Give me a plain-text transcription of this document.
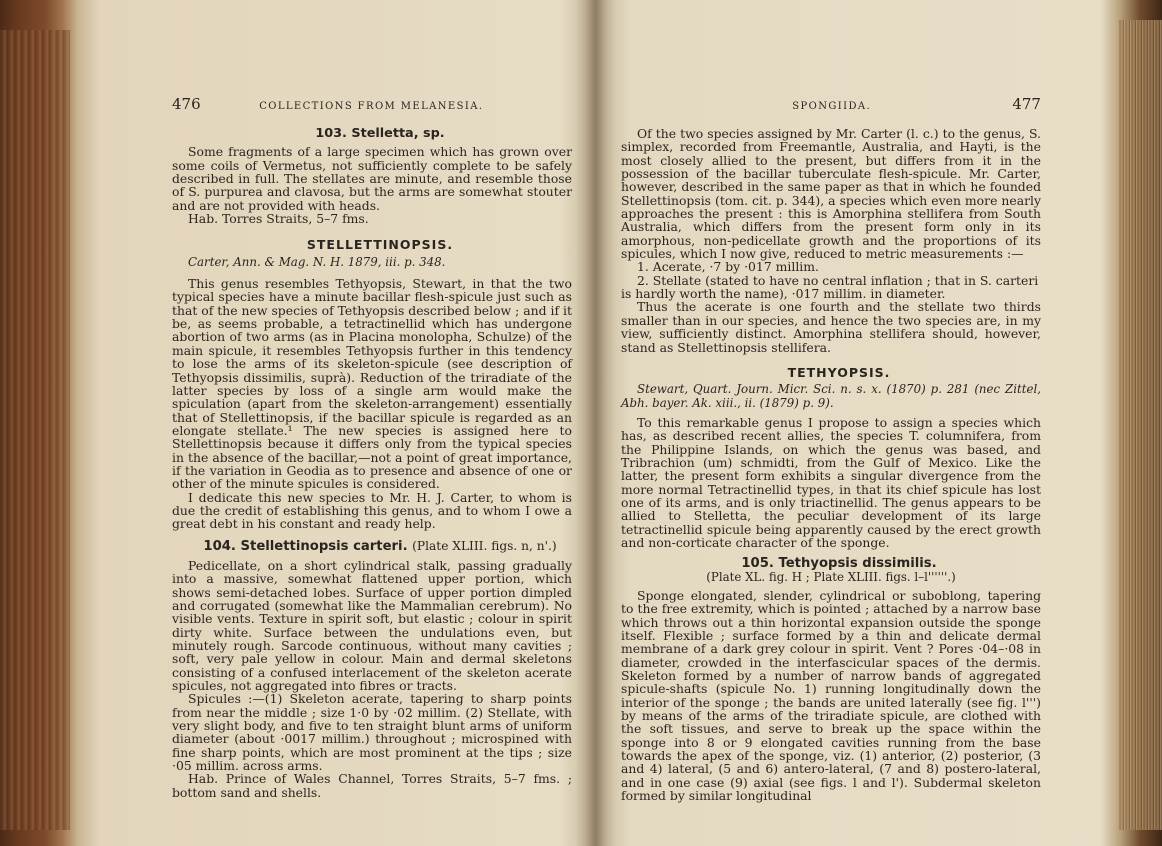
476	COLLECTIONS FROM MELANESIA.

103. Stelletta, sp.

Some fragments of a large specimen which has grown over some coils of Vermetus, not sufficiently complete to be safely described in full. The stellates are minute, and resemble those of S. purpurea and clavosa, but the arms are somewhat stouter and are not provided with heads.

Hab. Torres Straits, 5–7 fms.

STELLETTINOPSIS.

Carter, Ann. & Mag. N. H. 1879, iii. p. 348.

This genus resembles Tethyopsis, Stewart, in that the two typical species have a minute bacillar flesh-spicule just such as that of the new species of Tethyopsis described below ; and if it be, as seems probable, a tetractinellid which has undergone abortion of two arms (as in Placina monolopha, Schulze) of the main spicule, it resembles Tethyopsis further in this tendency to lose the arms of its skeleton-spicule (see description of Tethyopsis dissimilis, suprà). Reduction of the triradiate of the latter species by loss of a single arm would make the spiculation (apart from the skeleton-arrangement) essentially that of Stellettinopsis, if the bacillar spicule is regarded as an elongate stellate.¹ The new species is assigned here to Stellettinopsis because it differs only from the typical species in the absence of the bacillar,—not a point of great importance, if the variation in Geodia as to presence and absence of one or other of the minute spicules is considered.

I dedicate this new species to Mr. H. J. Carter, to whom is due the credit of establishing this genus, and to whom I owe a great debt in his constant and ready help.

104. Stellettinopsis carteri. (Plate XLIII. figs. n, n'.)

Pedicellate, on a short cylindrical stalk, passing gradually into a massive, somewhat flattened upper portion, which shows semi-detached lobes. Surface of upper portion dimpled and corrugated (somewhat like the Mammalian cerebrum). No visible vents. Texture in spirit soft, but elastic ; colour in spirit dirty white. Surface between the undulations even, but minutely rough. Sarcode continuous, without many cavities ; soft, very pale yellow in colour. Main and dermal skeletons consisting of a confused interlacement of the skeleton acerate spicules, not aggregated into fibres or tracts.

Spicules :—(1) Skeleton acerate, tapering to sharp points from near the middle ; size 1·0 by ·02 millim. (2) Stellate, with very slight body, and five to ten straight blunt arms of uniform diameter (about ·0017 millim.) throughout ; microspined with fine sharp points, which are most prominent at the tips ; size ·05 millim. across arms.

Hab. Prince of Wales Channel, Torres Straits, 5–7 fms. ; bottom sand and shells.

SPONGIIDA.	477

Of the two species assigned by Mr. Carter (l. c.) to the genus, S. simplex, recorded from Freemantle, Australia, and Hayti, is the most closely allied to the present, but differs from it in the possession of the bacillar tuberculate flesh-spicule. Mr. Carter, however, described in the same paper as that in which he founded Stellettinopsis (tom. cit. p. 344), a species which even more nearly approaches the present : this is Amorphina stellifera from South Australia, which differs from the present form only in its amorphous, non-pedicellate growth and the proportions of its spicules, which I now give, reduced to metric measurements :—

1. Acerate, ·7 by ·017 millim.

2. Stellate (stated to have no central inflation ; that in S. carteri is hardly worth the name), ·017 millim. in diameter.

Thus the acerate is one fourth and the stellate two thirds smaller than in our species, and hence the two species are, in my view, sufficiently distinct. Amorphina stellifera should, however, stand as Stellettinopsis stellifera.

TETHYOPSIS.

Stewart, Quart. Journ. Micr. Sci. n. s. x. (1870) p. 281 (nec Zittel, Abh. bayer. Ak. xiii., ii. (1879) p. 9).

To this remarkable genus I propose to assign a species which has, as described recent allies, the species T. columnifera, from the Philippine Islands, on which the genus was based, and Tribrachion (um) schmidti, from the Gulf of Mexico. Like the latter, the present form exhibits a singular divergence from the more normal Tetractinellid types, in that its chief spicule has lost one of its arms, and is only triactinellid. The genus appears to be allied to Stelletta, the peculiar development of its large tetractinellid spicule being apparently caused by the erect growth and non-corticate character of the sponge.

105. Tethyopsis dissimilis.

(Plate XL. fig. H ; Plate XLIII. figs. l–l''''''.)

Sponge elongated, slender, cylindrical or suboblong, tapering to the free extremity, which is pointed ; attached by a narrow base which throws out a thin horizontal expansion outside the sponge itself. Flexible ; surface formed by a thin and delicate dermal membrane of a dark grey colour in spirit. Vent ? Pores ·04–·08 in diameter, crowded in the interfascicular spaces of the dermis. Skeleton formed by a number of narrow bands of aggregated spicule-shafts (spicule No. 1) running longitudinally down the interior of the sponge ; the bands are united laterally (see fig. l''') by means of the arms of the triradiate spicule, are clothed with the soft tissues, and serve to break up the space within the sponge into 8 or 9 elongated cavities running from the base towards the apex of the sponge, viz. (1) anterior, (2) posterior, (3 and 4) lateral, (5 and 6) antero-lateral, (7 and 8) postero-lateral, and in one case (9) axial (see figs. l and l'). Subdermal skeleton formed by similar longitudinal
